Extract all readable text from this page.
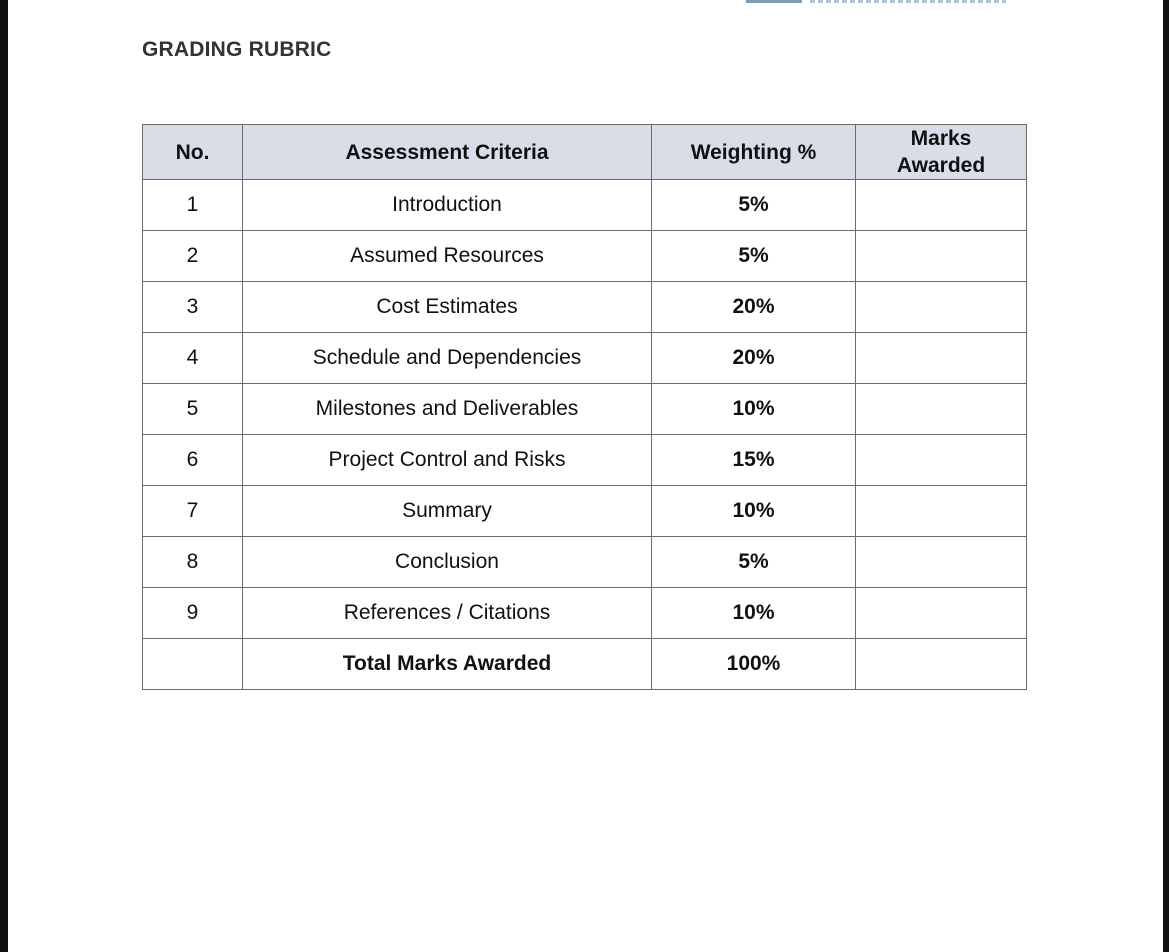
GRADING RUBRIC
No.	Assessment Criteria	Weighting %	Marks
Awarded
1	Introduction	5%	
2	Assumed Resources	5%	
3	Cost Estimates	20%	
4	Schedule and Dependencies	20%	
5	Milestones and Deliverables	10%	
6	Project Control and Risks	15%	
7	Summary	10%	
8	Conclusion	5%	
9	References / Citations	10%	
	Total Marks Awarded	100%	
